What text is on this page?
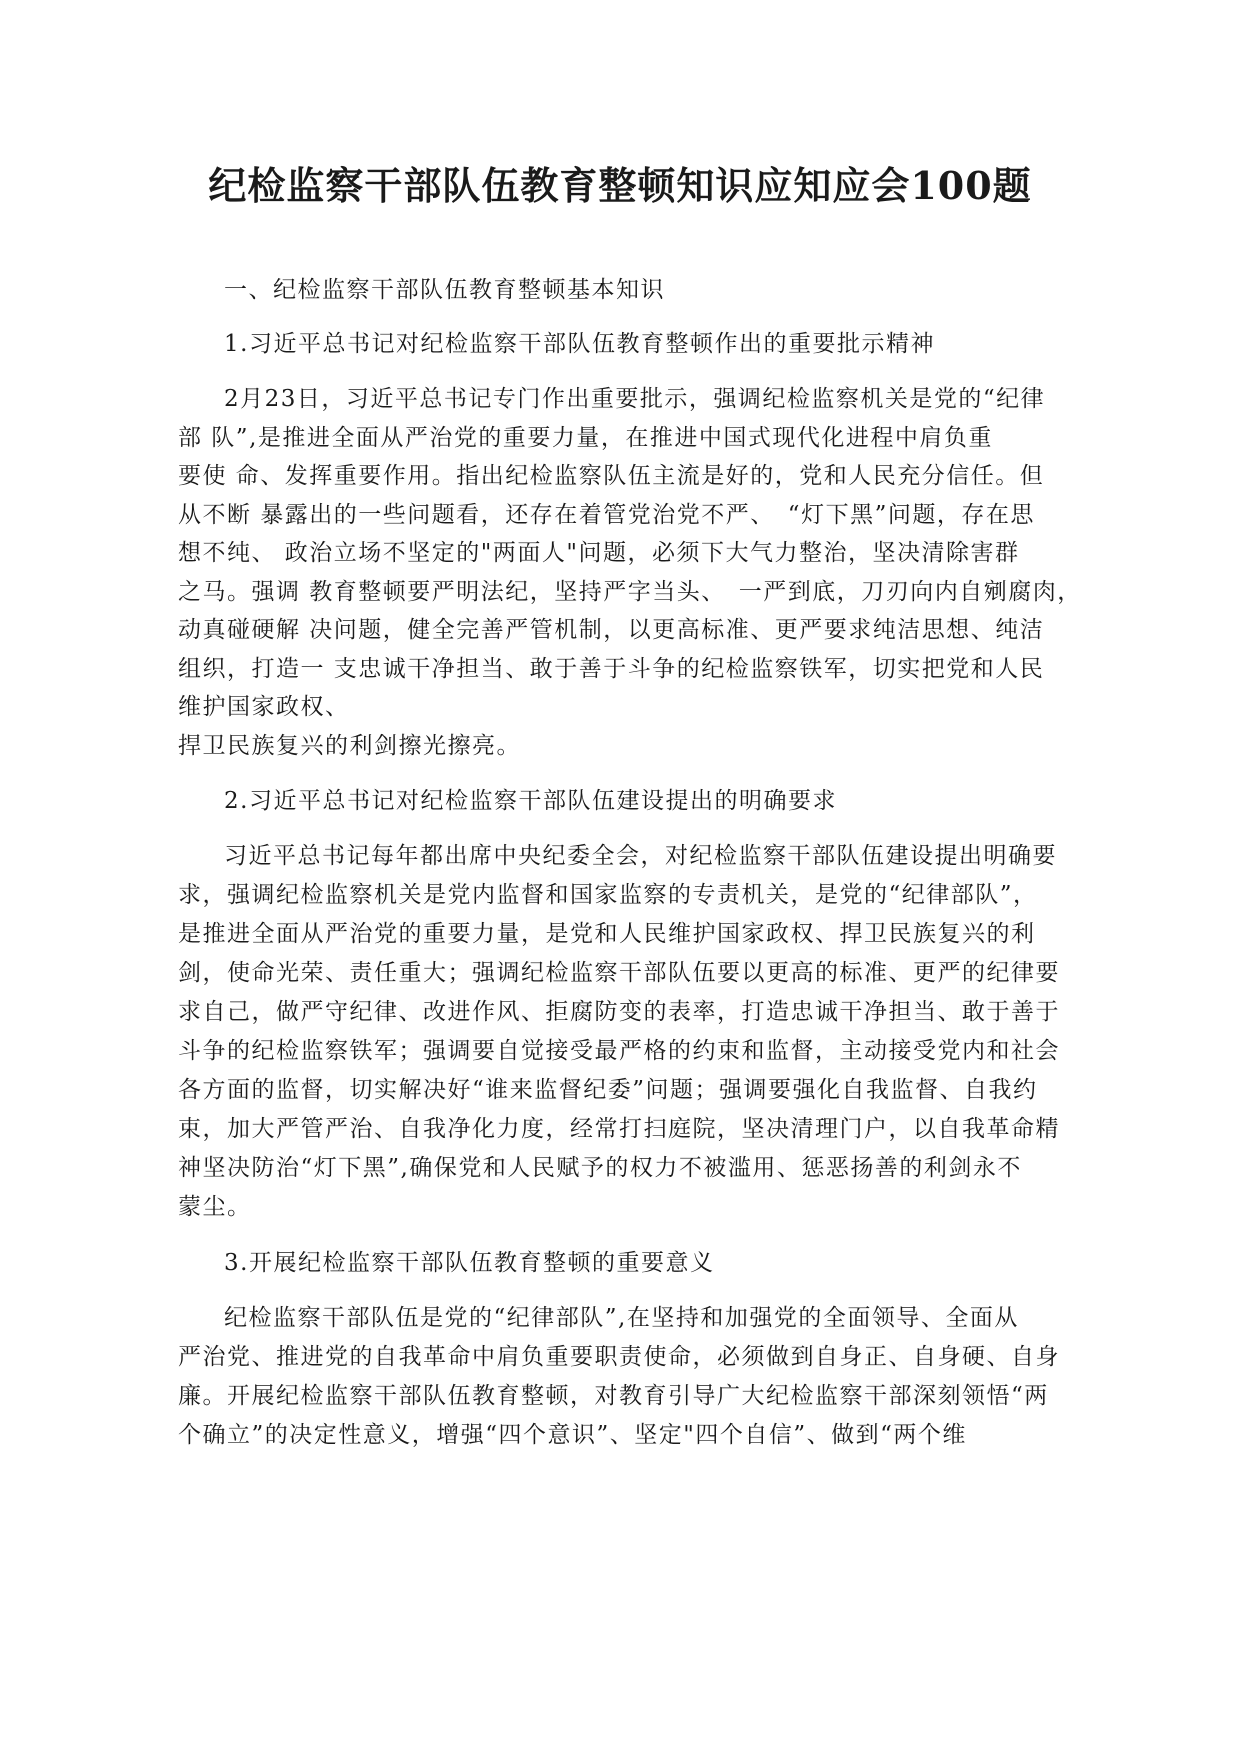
纪检监察干部队伍教育整顿知识应知应会100题
一、纪检监察干部队伍教育整顿基本知识
1.习近平总书记对纪检监察干部队伍教育整顿作出的重要批示精神
2月23日，习近平总书记专门作出重要批示，强调纪检监察机关是党的“纪律
部 队”,是推进全面从严治党的重要力量，在推进中国式现代化进程中肩负重
要使 命、发挥重要作用。指出纪检监察队伍主流是好的，党和人民充分信任。但
从不断 暴露出的一些问题看，还存在着管党治党不严、　“灯下黑”问题，存在思
想不纯、 政治立场不坚定的"两面人"问题，必须下大气力整治，坚决清除害群
之马。强调 教育整顿要严明法纪，坚持严字当头、　一严到底，刀刃向内自剜腐肉，
动真碰硬解 决问题，健全完善严管机制，以更高标准、更严要求纯洁思想、纯洁
组织，打造一 支忠诚干净担当、敢于善于斗争的纪检监察铁军，切实把党和人民
维护国家政权、
捍卫民族复兴的利剑擦光擦亮。
2.习近平总书记对纪检监察干部队伍建设提出的明确要求
习近平总书记每年都出席中央纪委全会，对纪检监察干部队伍建设提出明确要
求，强调纪检监察机关是党内监督和国家监察的专责机关，是党的“纪律部队”，
是推进全面从严治党的重要力量，是党和人民维护国家政权、捍卫民族复兴的利
剑，使命光荣、责任重大；强调纪检监察干部队伍要以更高的标准、更严的纪律要
求自己，做严守纪律、改进作风、拒腐防变的表率，打造忠诚干净担当、敢于善于
斗争的纪检监察铁军；强调要自觉接受最严格的约束和监督，主动接受党内和社会
各方面的监督，切实解决好“谁来监督纪委”问题；强调要强化自我监督、自我约
束，加大严管严治、自我净化力度，经常打扫庭院，坚决清理门户，以自我革命精
神坚决防治“灯下黑”,确保党和人民赋予的权力不被滥用、惩恶扬善的利剑永不
蒙尘。
3.开展纪检监察干部队伍教育整顿的重要意义
纪检监察干部队伍是党的“纪律部队”,在坚持和加强党的全面领导、全面从
严治党、推进党的自我革命中肩负重要职责使命，必须做到自身正、自身硬、自身
廉。开展纪检监察干部队伍教育整顿，对教育引导广大纪检监察干部深刻领悟“两
个确立”的决定性意义，增强“四个意识”、坚定"四个自信”、做到“两个维
